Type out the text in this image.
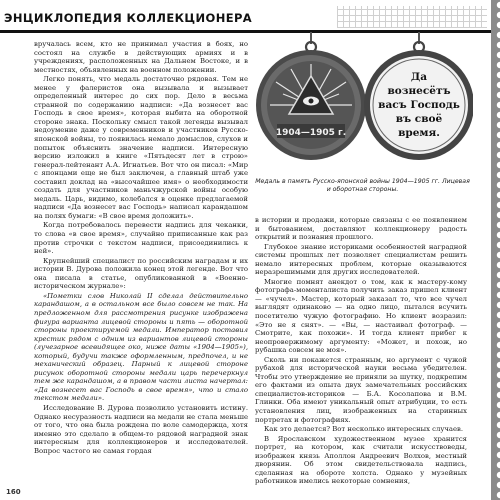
ЭНЦИКЛОПЕДИЯ КОЛЛЕКЦИОНЕРА

вручалась всем, кто не принимал участия в боях, но состоял на службе в действующих армиях и в учреждениях, расположенных на Дальнем Востоке, и в местностях, объявленных на военном положении.

Легко понять, что медаль достаточно рядовая. Тем не менее у фалеристов она вызывала и вызывает определенный интерес до сих пор. Дело в весьма странной по содержанию надписи: «Да вознесет вас Господь в свое время», которая выбита на оборотной стороне знака. Поскольку смысл такой легенды вызывал недоумение даже у современников и участников Русско-японской войны, то появилась немало домыслов, слухов и попыток объяснить значение надписи. Интересную версию изложил в книге «Пятьдесят лет в строю» генерал-лейтенант А.А. Игнатьев. Вот что он писал: «Мир с японцами еще не был заключен, а главный штаб уже составил доклад на «высочайшее имя» о необходимости создать для участников маньчжурской войны особую медаль. Царь, видимо, колебался в оценке предлагаемой надписи «Да вознесет вас Господь» написал карандашом на полях бумаги: «В свое время доложить».

Когда потребовалось перевести надпись для чеканки, то слова «в свое время», случайно приписанные как раз против строчки с текстом надписи, присоединились к ней».

Крупнейший специалист по российским наградам и их истории В. Дурова положила конец этой легенде. Вот что она писала в статье, опубликованной в «Военно-историческом журнале»:

«Пометки слов Николай II сделал действительно карандашом, а в остальном все было совсем не так. На предложенном для рассмотрения рисунке изображена фигура варианта лицевой стороны и пять — оборотной стороны проектируемой медали. Император поставил крестик рядом с одним из вариантов лицевой стороны (лучезарное всевидящее око, ниже даты «1904—1905»), который, будучи также оформленным, предпочел, и не механический образец. Парный к лицевой стороне рисунок оборотной стороны медали царь перечеркнул тем же карандашом, а в правом части листа начертал: «Да вознесет вас Господь в свое время», что и стало текстом медали».

Исследование В. Дурова позволило установить истину. Однако несуразность надписи на медали не стала меньше от того, что она была рождена по воле самодержца, хотя именно это сделало в общем-то рядовой наградной знак интересным для коллекционеров и исследователей. Вопрос частого не самая гордая

1904—1905 г.
Да
вознесётъ
васъ Господь
въ своё
время.
Медаль в память Русско-японской войны 1904—1905 гг. Лицевая и оборотная стороны.

в истории и продажи, которые связаны с ее появлением и бытованием, доставляют коллекционеру радость открытий и познания прошлого.

Глубокое знание историками особенностей наградной системы прошлых лет позволяет специалистам решить немало интересных проблем, которые оказываются неразрешимыми для других исследователей.

Многие помнят анекдот о том, как к мастеру-кому фотографа-моменталиста получить заказ пришел клиент — «чучел». Мастер, который заказал то, что все чучел выглядят одинаково — на одно лицо, пытался всучить посетителю чужую фотографию. Но клиент возразил: «Это не я снят». — «Вы, — настаивал фотограф. — Смотрите, как похожи». И тогда клиент прибег к неопровержимому аргументу: «Может, и похож, но рубашка совсем не моя».

Сколь ни покажется странным, но аргумент с чужой рубахой для исторической науки весьма убедителен. Чтобы это утверждение не приняли за шутку, подкрепим его фактами из опыта двух замечательных российских специалистов-историков — Б.А. Косолапова и В.М. Глинки. Оба имеют уникальный опыт атрибуции, то есть установления лиц, изображенных на старинных портретах и фотографиях.

Как это делается? Вот несколько интересных случаев.

В Ярославском художественном музее хранится портрет, на котором, как считали искусствоведы, изображен князь Аполлон Андреевич Волхов, местный дворянин. Об этом свидетельствовала надпись, сделанная на обороте холста. Однако у музейных работников имелись некоторые сомнения,

160
